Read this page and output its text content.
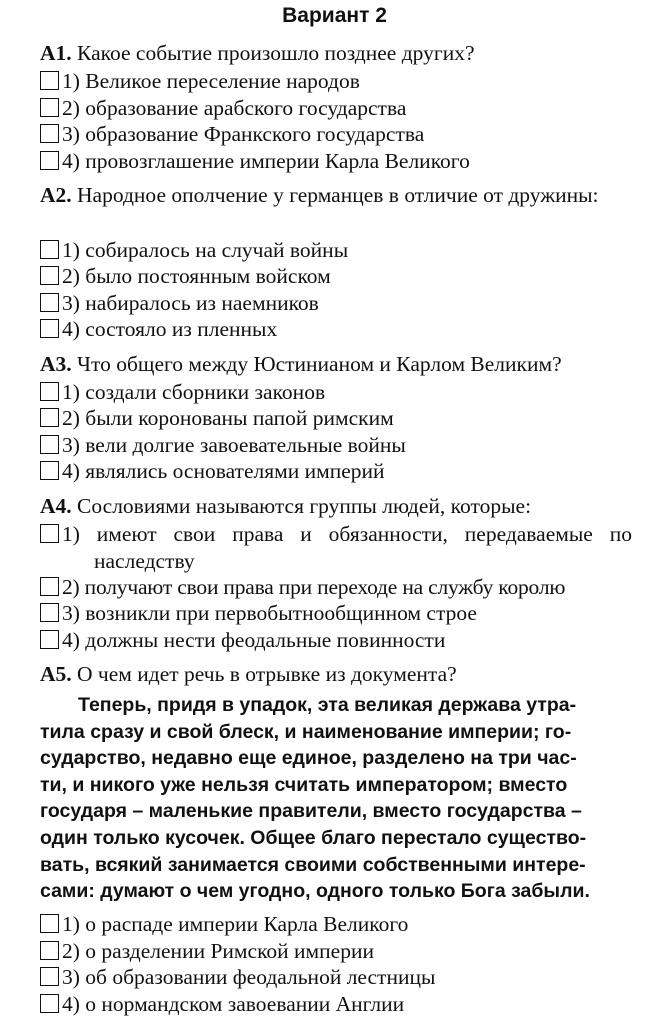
Вариант 2

А1. Какое событие произошло позднее других?

1) Великое переселение народов
2) образование арабского государства
3) образование Франкского государства
4) провозглашение империи Карла Великого

А2. Народное ополчение у германцев в отличие от дружины:

1) собиралось на случай войны
2) было постоянным войском
3) набиралось из наемников
4) состояло из пленных

А3. Что общего между Юстинианом и Карлом Великим?

1) создали сборники законов
2) были коронованы папой римским
3) вели долгие завоевательные войны
4) являлись основателями империй

А4. Сословиями называются группы людей, которые:

1) имеют свои права и обязанности, передаваемые по наследству
2) получают свои права при переходе на службу королю
3) возникли при первобытнообщинном строе
4) должны нести феодальные повинности

А5. О чем идет речь в отрывке из документа?

Теперь, придя в упадок, эта великая держава утра-
тила сразу и свой блеск, и наименование империи; го-
сударство, недавно еще единое, разделено на три час-
ти, и никого уже нельзя считать императором; вместо
государя – маленькие правители, вместо государства –
один только кусочек. Общее благо перестало существо-
вать, всякий занимается своими собственными интере-
сами: думают о чем угодно, одного только Бога забыли.
1) о распаде империи Карла Великого
2) о разделении Римской империи
3) об образовании феодальной лестницы
4) о нормандском завоевании Англии
